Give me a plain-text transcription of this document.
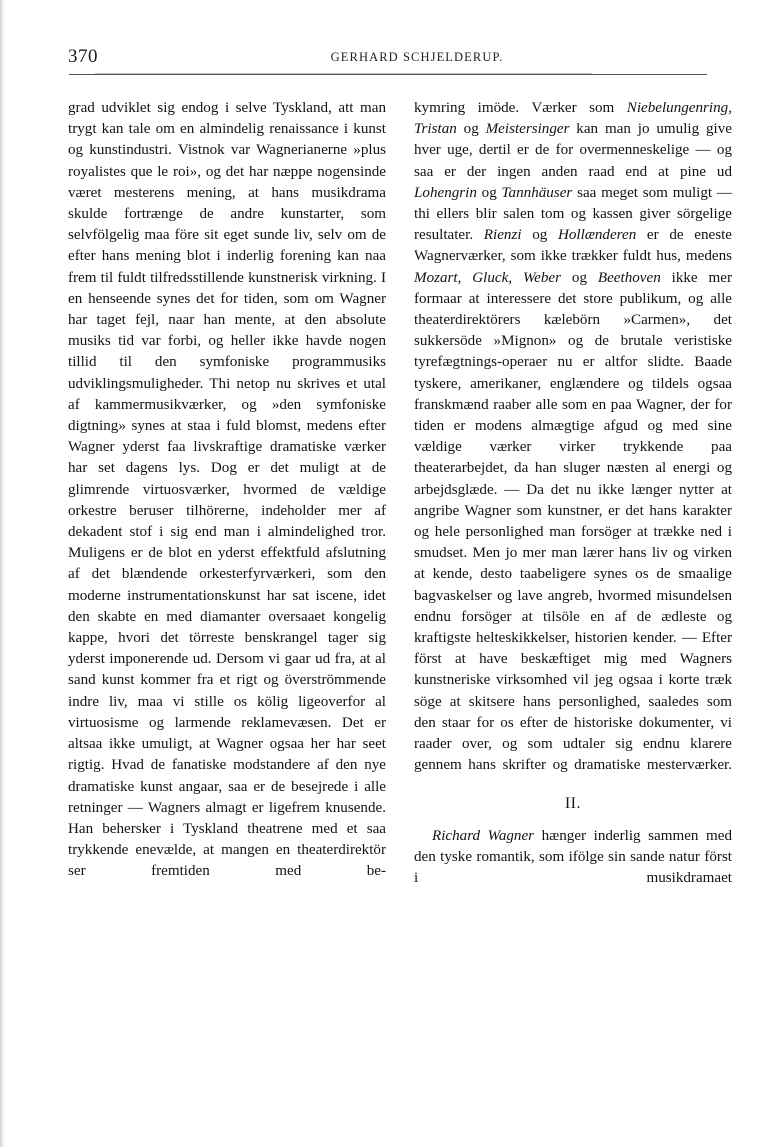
370	GERHARD SCHJELDERUP.

grad udviklet sig endog i selve Tyskland, att man trygt kan tale om en almindelig renaissance i kunst og kunstindustri. Vistnok var Wagnerianerne »plus royalistes que le roi», og det har næppe nogensinde været mesterens mening, at hans musikdrama skulde fortrænge de andre kunstarter, som selvfölgelig maa före sit eget sunde liv, selv om de efter hans mening blot i inderlig forening kan naa frem til fuldt tilfredsstillende kunstnerisk virkning. I en henseende synes det for tiden, som om Wagner har taget fejl, naar han mente, at den absolute musiks tid var forbi, og heller ikke havde nogen tillid til den symfoniske programmusiks udviklingsmuligheder. Thi netop nu skrives et utal af kammermusikværker, og »den symfoniske digtning» synes at staa i fuld blomst, medens efter Wagner yderst faa livskraftige dramatiske værker har set dagens lys. Dog er det muligt at de glimrende virtuosværker, hvormed de vældige orkestre beruser tilhörerne, indeholder mer af dekadent stof i sig end man i almindelighed tror. Muligens er de blot en yderst effektfuld afslutning af det blændende orkesterfyrværkeri, som den moderne instrumentationskunst har sat iscene, idet den skabte en med diamanter oversaaet kongelig kappe, hvori det törreste benskrangel tager sig yderst imponerende ud. Dersom vi gaar ud fra, at al sand kunst kommer fra et rigt og överströmmende indre liv, maa vi stille os kölig ligeoverfor al virtuosisme og larmende reklamevæsen. Det er altsaa ikke umuligt, at Wagner ogsaa her har seet rigtig. Hvad de fanatiske modstandere af den nye dramatiske kunst angaar, saa er de besejrede i alle retninger — Wagners almagt er ligefrem knusende. Han behersker i Tyskland theatrene med et saa trykkende enevælde, at mangen en theaterdirektör ser fremtiden med be-

kymring imöde. Værker som Niebelungenring, Tristan og Meistersinger kan man jo umulig give hver uge, dertil er de for overmenneskelige — og saa er der ingen anden raad end at pine ud Lohengrin og Tannhäuser saa meget som muligt — thi ellers blir salen tom og kassen giver sörgelige resultater. Rienzi og Hollænderen er de eneste Wagnerværker, som ikke trækker fuldt hus, medens Mozart, Gluck, Weber og Beethoven ikke mer formaar at interessere det store publikum, og alle theaterdirektörers kælebörn »Carmen», det sukkersöde »Mignon» og de brutale veristiske tyrefægtnings-operaer nu er altfor slidte. Baade tyskere, amerikaner, englændere og tildels ogsaa franskmænd raaber alle som en paa Wagner, der for tiden er modens almægtige afgud og med sine vældige værker virker trykkende paa theaterarbejdet, da han sluger næsten al energi og arbejdsglæde. — Da det nu ikke længer nytter at angribe Wagner som kunstner, er det hans karakter og hele personlighed man forsöger at trække ned i smudset. Men jo mer man lærer hans liv og virken at kende, desto taabeligere synes os de smaalige bagvaskelser og lave angreb, hvormed misundelsen endnu forsöger at tilsöle en af de ædleste og kraftigste helteskikkelser, historien kender. — Efter först at have beskæftiget mig med Wagners kunstneriske virksomhed vil jeg ogsaa i korte træk söge at skitsere hans personlighed, saaledes som den staar for os efter de historiske dokumenter, vi raader over, og som udtaler sig endnu klarere gennem hans skrifter og dramatiske mesterværker.

II.

Richard Wagner hænger inderlig sammen med den tyske romantik, som ifölge sin sande natur först i musikdramaet
